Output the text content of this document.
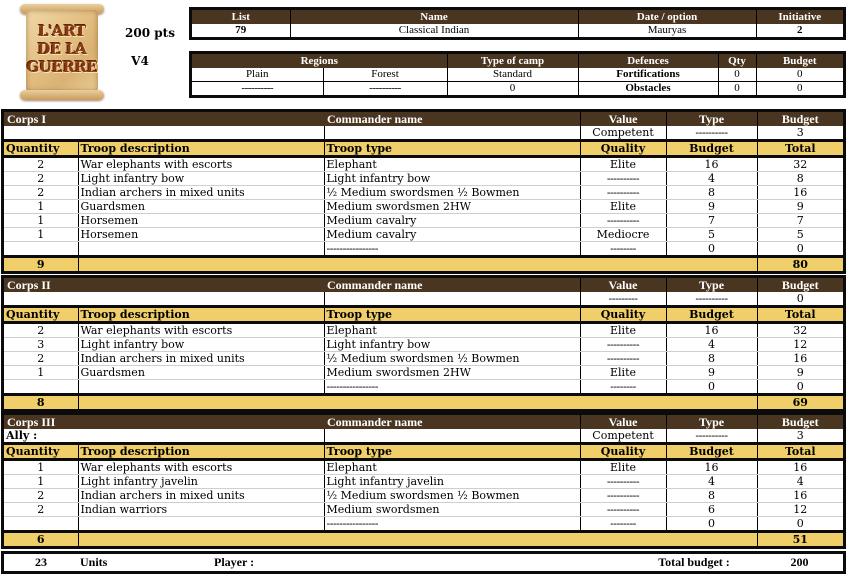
L'ART
DE LA
GUERRE
200 pts
V4
List	Name	Date / option	Initiative
79	Classical Indian	Mauryas	2
Regions		Type of camp	Defences	Qty	Budget
Plain	Forest	Standard	Fortifications	0	0
----------	----------	0	Obstacles	0	0
Corps I		Commander name	Value	Type	Budget
			Competent	----------	3
Quantity	Troop description	Troop type	Quality	Budget	Total
2	War elephants with escorts	Elephant	Elite	16	32
2	Light infantry bow	Light infantry bow	----------	4	8
2	Indian archers in mixed units	½ Medium swordsmen ½ Bowmen	----------	8	16
1	Guardsmen	Medium swordsmen 2HW	Elite	9	9
1	Horsemen	Medium cavalry	----------	7	7
1	Horsemen	Medium cavalry	Mediocre	5	5
		----------------	--------	0	0
9					80
Corps II		Commander name	Value	Type	Budget
			---------	----------	0
Quantity	Troop description	Troop type	Quality	Budget	Total
2	War elephants with escorts	Elephant	Elite	16	32
3	Light infantry bow	Light infantry bow	----------	4	12
2	Indian archers in mixed units	½ Medium swordsmen ½ Bowmen	----------	8	16
1	Guardsmen	Medium swordsmen 2HW	Elite	9	9
		----------------	--------	0	0
8					69
Corps III		Commander name	Value	Type	Budget
Ally :			Competent	----------	3
Quantity	Troop description	Troop type	Quality	Budget	Total
1	War elephants with escorts	Elephant	Elite	16	16
1	Light infantry javelin	Light infantry javelin	----------	4	4
2	Indian archers in mixed units	½ Medium swordsmen ½ Bowmen	----------	8	16
2	Indian warriors	Medium swordsmen	----------	6	12
		----------------	--------	0	0
6					51
23	Units	Player :	Total budget :	200
